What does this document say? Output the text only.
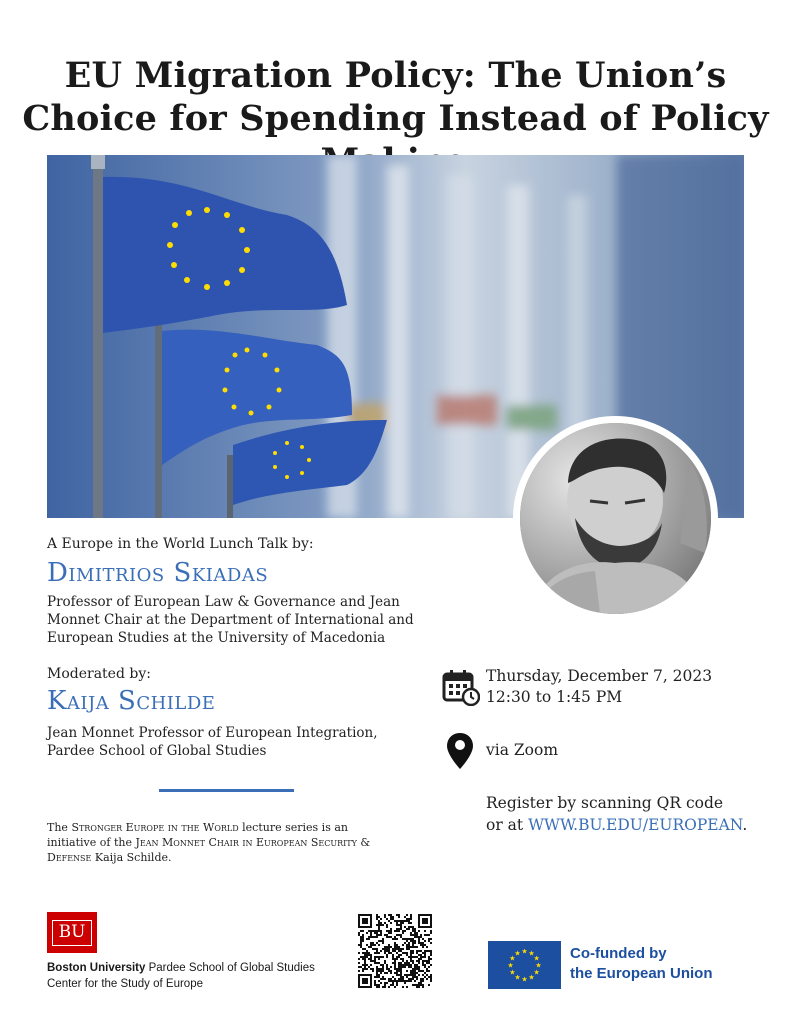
EU Migration Policy: The Union’s Choice for Spending Instead of Policy
A Europe in the World Lunch Talk by:
Dimitrios Skiadas
Professor of European Law & Governance and Jean Monnet Chair at the Department of International and European Studies at the University of Macedonia
Moderated by:
Kaija Schilde
Jean Monnet Professor of European Integration, Pardee School of Global Studies
The Stronger Europe in the World lecture series is an initiative of the Jean Monnet Chair in European Security & Defense Kaija Schilde.
Thursday, December 7, 2023
12:30 to 1:45 PM
via Zoom
Register by scanning QR code
or at WWW.BU.EDU/EUROPEAN.
BU
Boston University Pardee School of Global Studies
Center for the Study of Europe
★ ★
★
★
★
★
★
★
★
★
★
★	Co-funded by
the European Union
